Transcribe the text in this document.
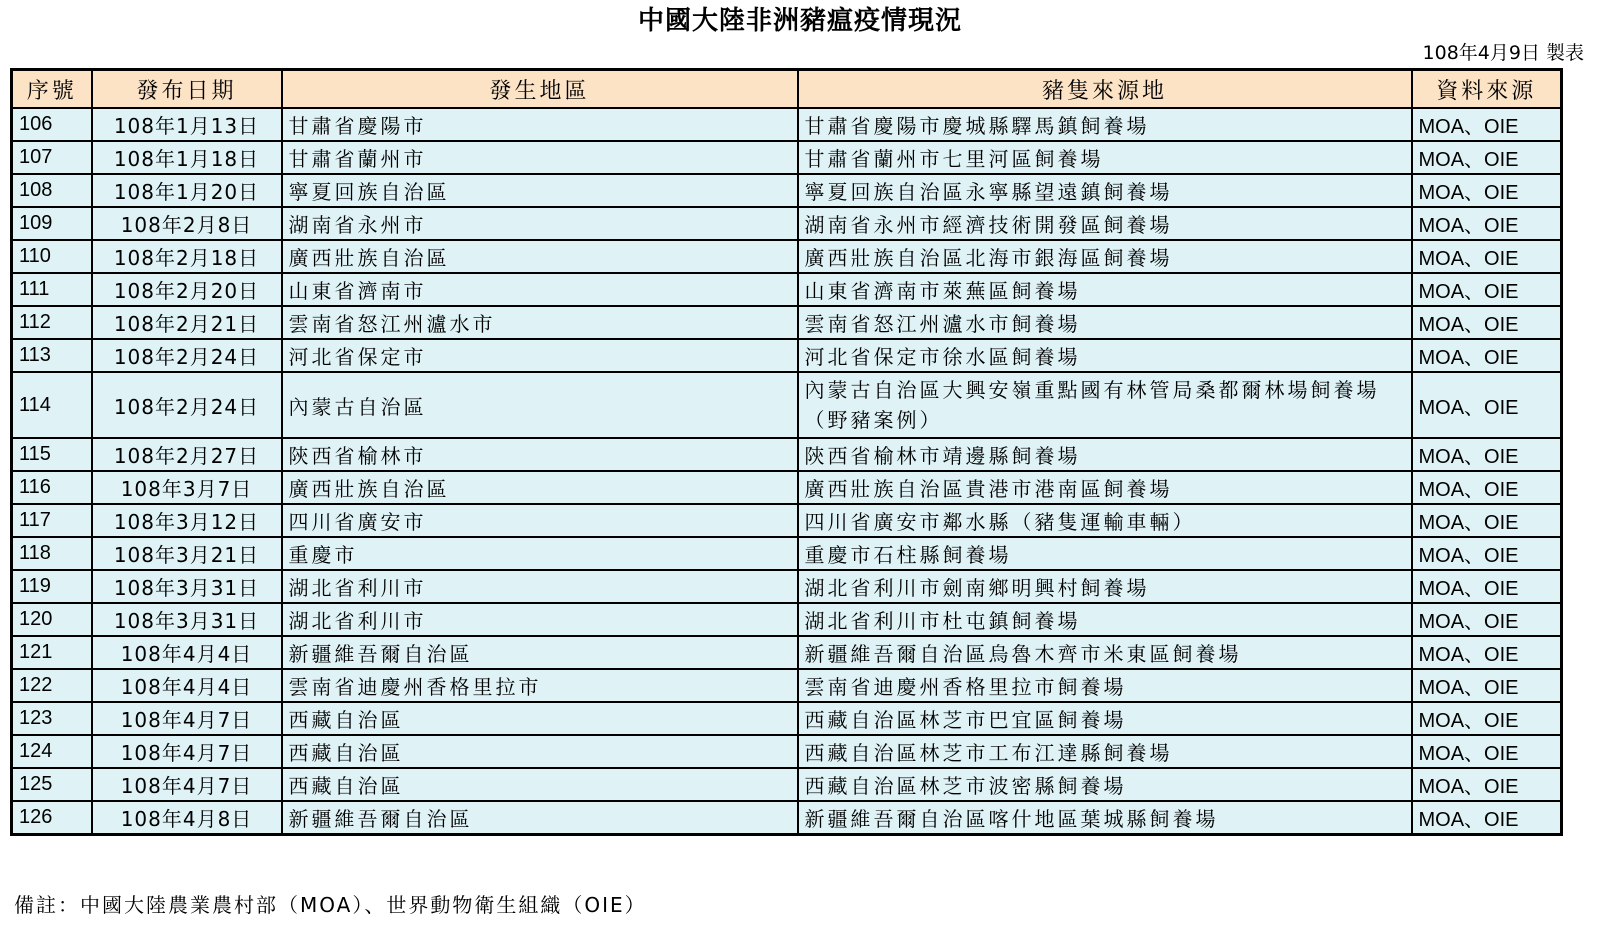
中國大陸非洲豬瘟疫情現況
108年4月9日 製表
序號	發布日期	發生地區	豬隻來源地	資料來源
106	108年1月13日	甘肅省慶陽市	甘肅省慶陽市慶城縣驛馬鎮飼養場	MOA、OIE
107	108年1月18日	甘肅省蘭州市	甘肅省蘭州市七里河區飼養場	MOA、OIE
108	108年1月20日	寧夏回族自治區	寧夏回族自治區永寧縣望遠鎮飼養場	MOA、OIE
109	108年2月8日	湖南省永州市	湖南省永州市經濟技術開發區飼養場	MOA、OIE
110	108年2月18日	廣西壯族自治區	廣西壯族自治區北海市銀海區飼養場	MOA、OIE
111	108年2月20日	山東省濟南市	山東省濟南市萊蕪區飼養場	MOA、OIE
112	108年2月21日	雲南省怒江州瀘水市	雲南省怒江州瀘水市飼養場	MOA、OIE
113	108年2月24日	河北省保定市	河北省保定市徐水區飼養場	MOA、OIE
114	108年2月24日	內蒙古自治區	內蒙古自治區大興安嶺重點國有林管局桑都爾林場飼養場（野豬案例）	MOA、OIE
115	108年2月27日	陝西省榆林市	陝西省榆林市靖邊縣飼養場	MOA、OIE
116	108年3月7日	廣西壯族自治區	廣西壯族自治區貴港市港南區飼養場	MOA、OIE
117	108年3月12日	四川省廣安市	四川省廣安市鄰水縣（豬隻運輸車輛）	MOA、OIE
118	108年3月21日	重慶市	重慶市石柱縣飼養場	MOA、OIE
119	108年3月31日	湖北省利川市	湖北省利川市劍南鄉明興村飼養場	MOA、OIE
120	108年3月31日	湖北省利川市	湖北省利川市杜屯鎮飼養場	MOA、OIE
121	108年4月4日	新疆維吾爾自治區	新疆維吾爾自治區烏魯木齊市米東區飼養場	MOA、OIE
122	108年4月4日	雲南省迪慶州香格里拉市	雲南省迪慶州香格里拉市飼養場	MOA、OIE
123	108年4月7日	西藏自治區	西藏自治區林芝市巴宜區飼養場	MOA、OIE
124	108年4月7日	西藏自治區	西藏自治區林芝市工布江達縣飼養場	MOA、OIE
125	108年4月7日	西藏自治區	西藏自治區林芝市波密縣飼養場	MOA、OIE
126	108年4月8日	新疆維吾爾自治區	新疆維吾爾自治區喀什地區葉城縣飼養場	MOA、OIE
備註：中國大陸農業農村部（MOA）、世界動物衛生組織（OIE）
